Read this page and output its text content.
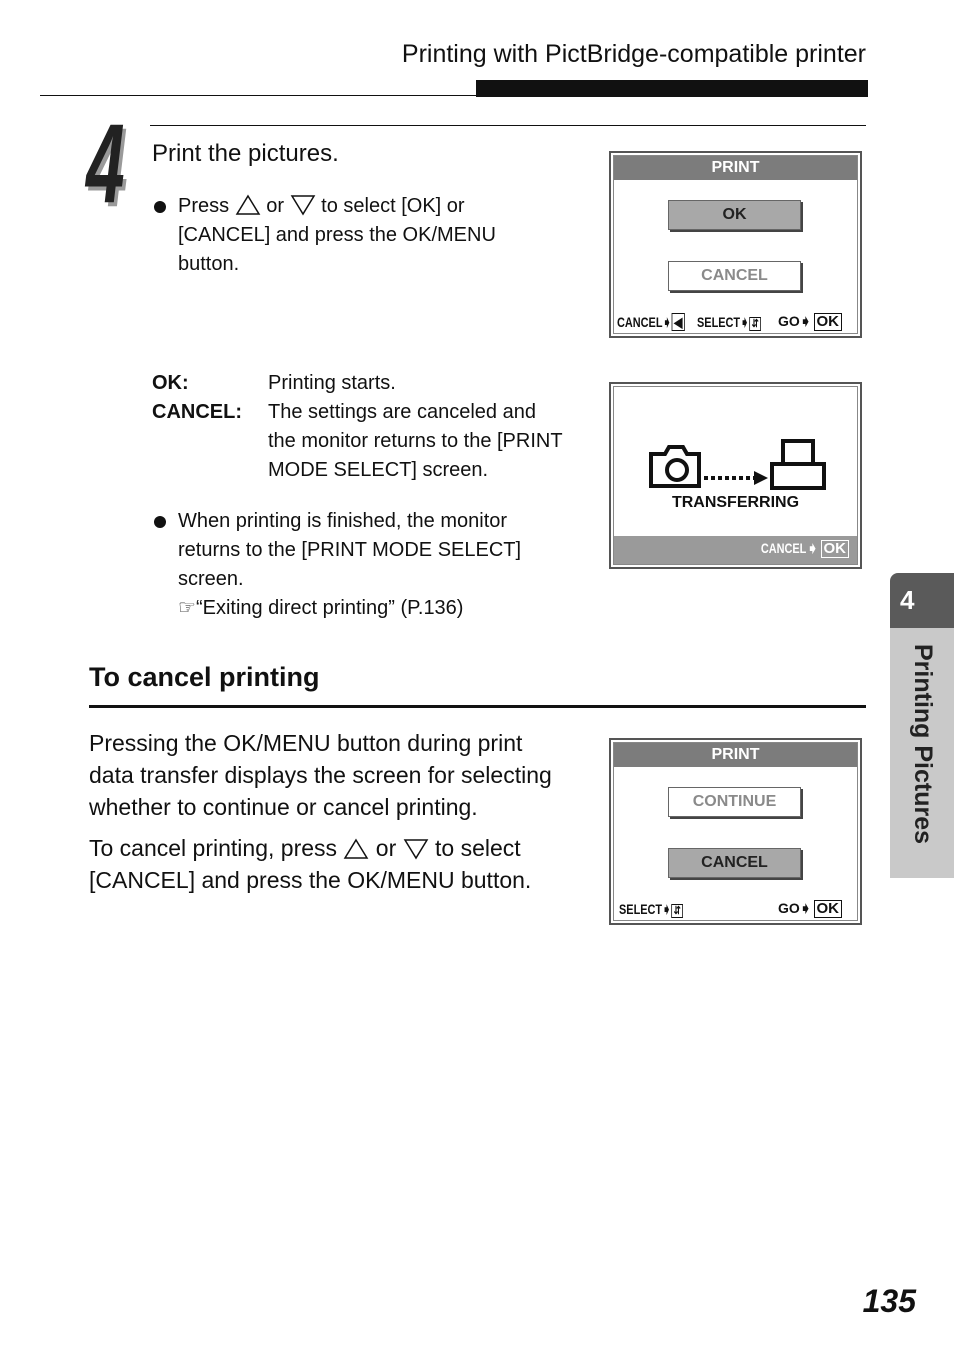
Printing with PictBridge-compatible printer
4 Print the pictures.
Press or to select [OK] or
[CANCEL] and press the OK/MENU
button.
PRINT
OK
CANCEL
CANCEL➧ ◀	SELECT➧ ⇵	GO➧ OK
OK:	Printing starts.
CANCEL: The settings are canceled and
the monitor returns to the [PRINT
MODE SELECT] screen.
When printing is finished, the monitor
returns to the [PRINT MODE SELECT]
screen.
☞“Exiting direct printing” (P.136)
TRANSFERRING
CANCEL➧ OK
To cancel printing
Pressing the OK/MENU button during print
data transfer displays the screen for selecting
whether to continue or cancel printing.
To cancel printing, press or to select
[CANCEL] and press the OK/MENU button.
PRINT
CONTINUE
CANCEL
SELECT➧ ⇵	GO➧ OK
4
Printing Pictures
135
